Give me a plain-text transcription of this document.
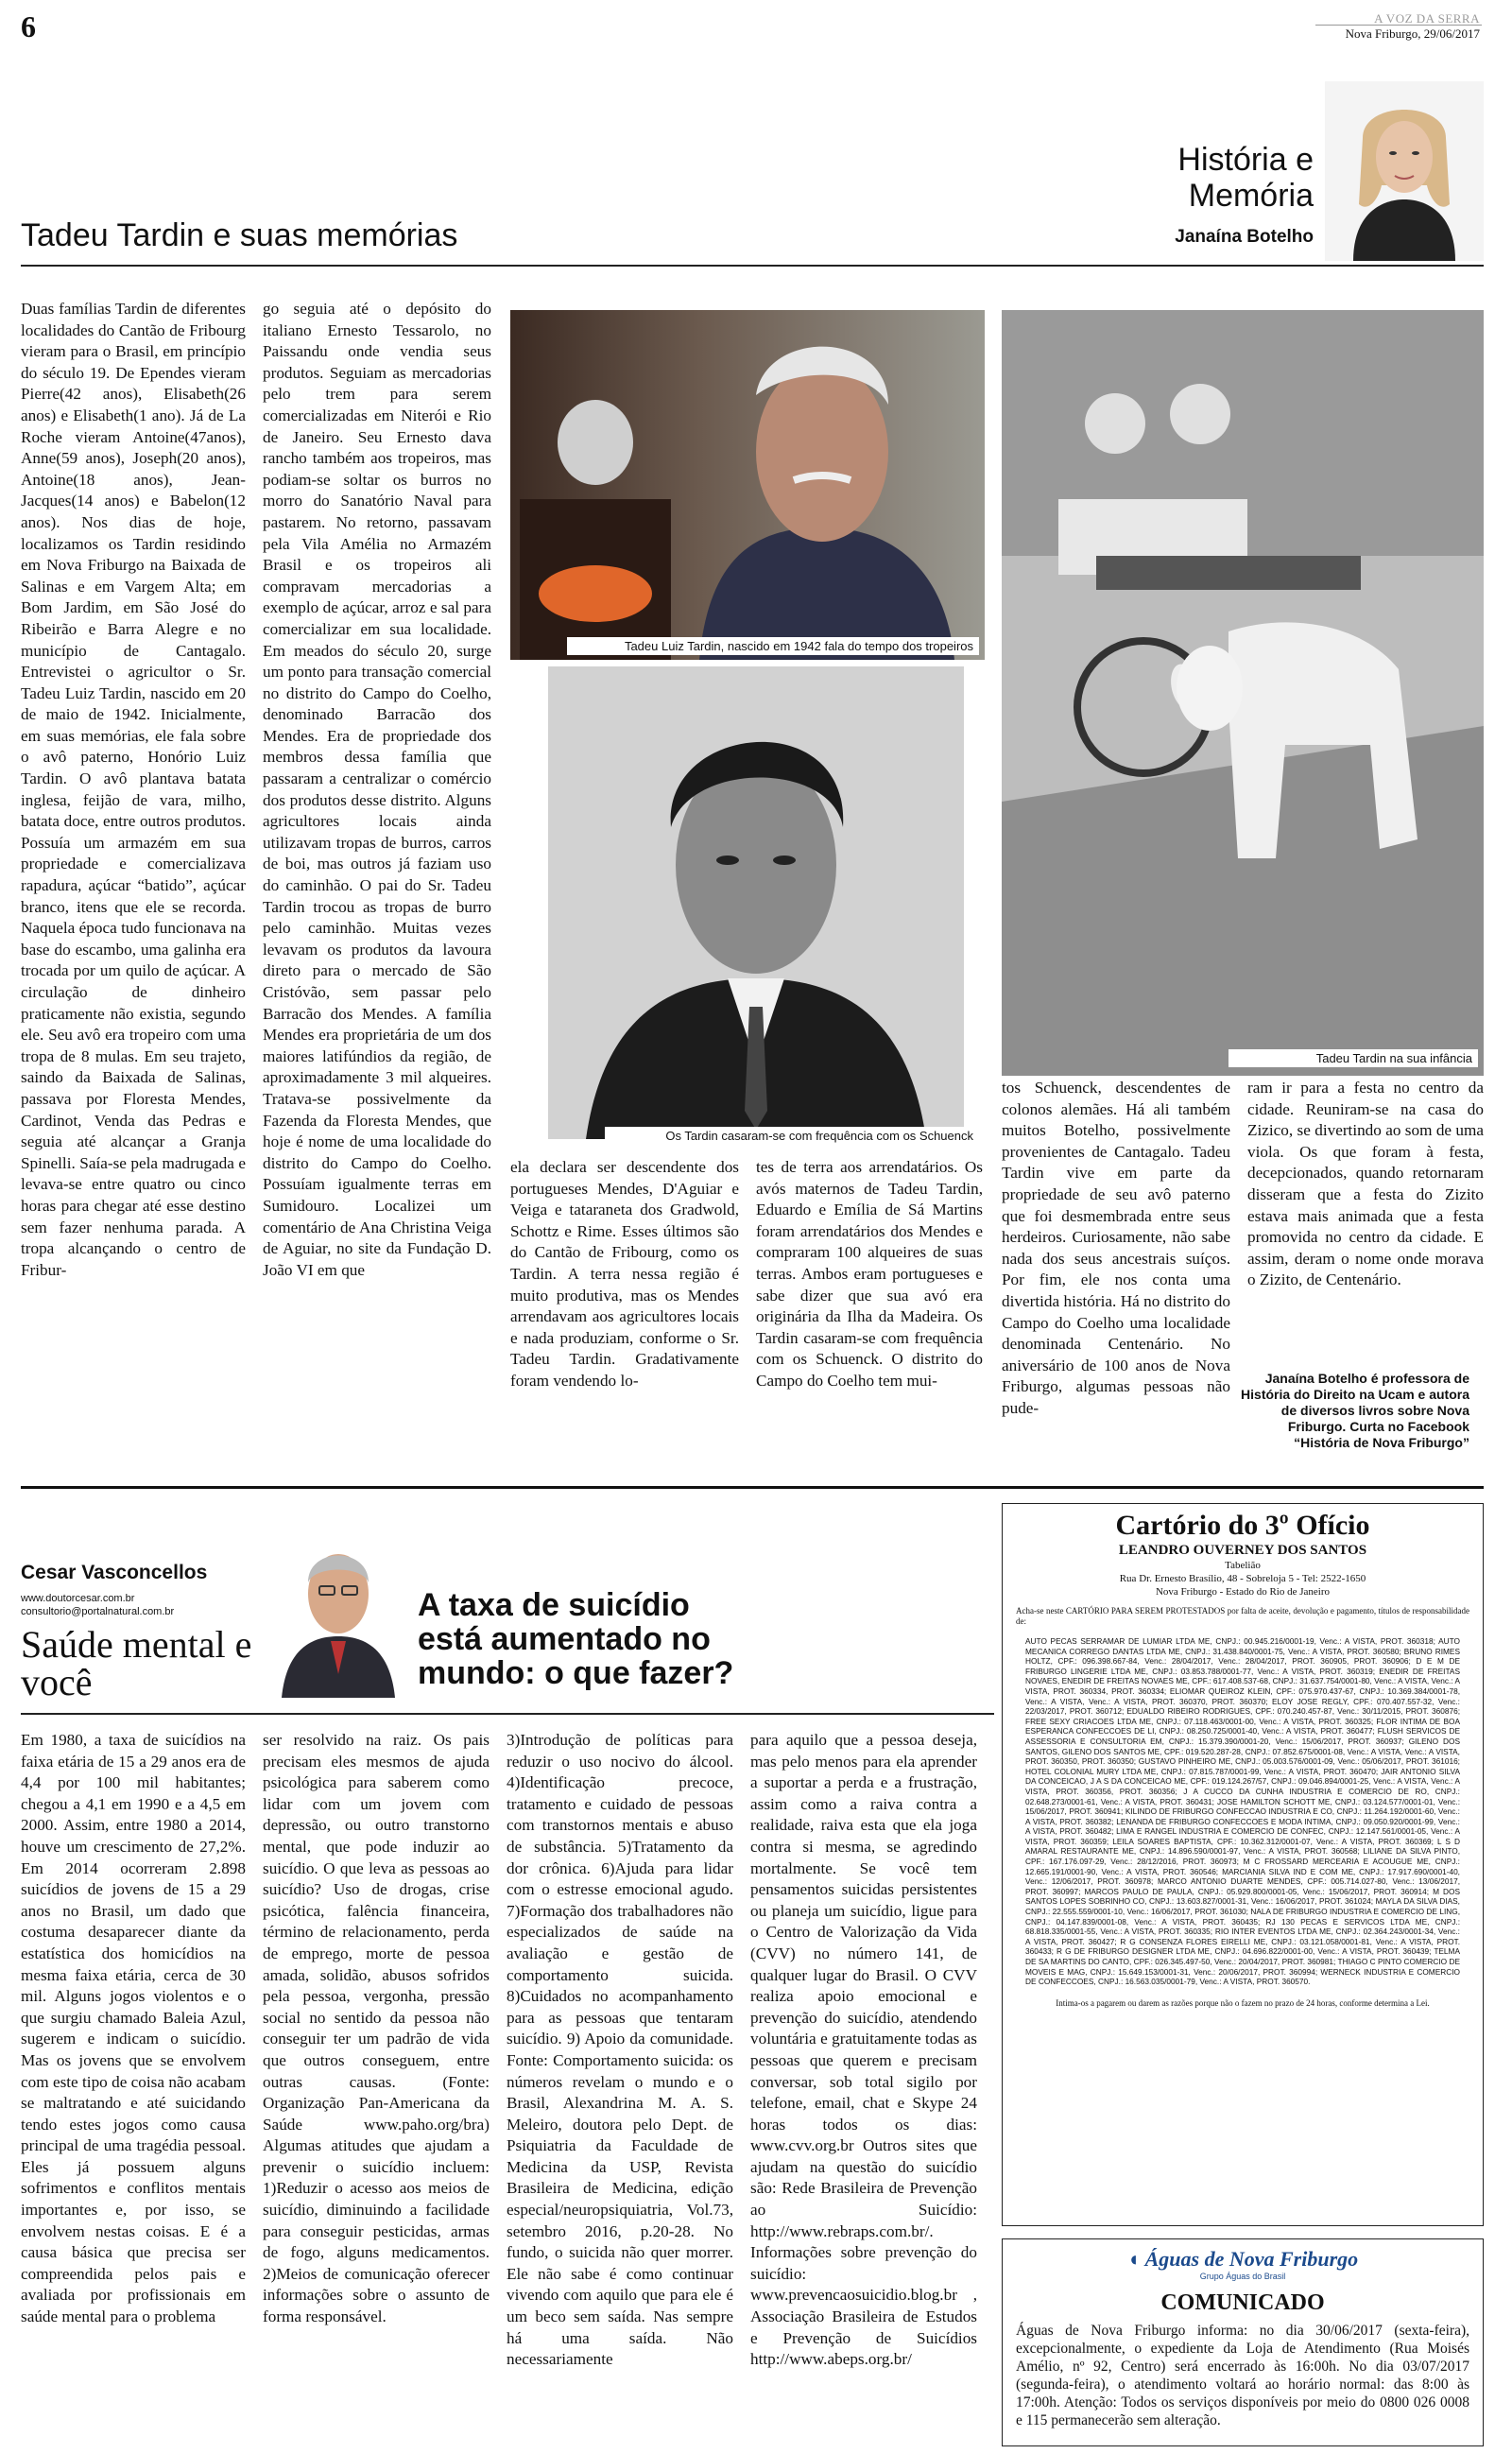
6	A VOZ DA SERRA
Nova Friburgo, 29/06/2017
História e Memória
Janaína Botelho
Tadeu Tardin e suas memórias
Duas famílias Tardin de diferentes localidades do Cantão de Fribourg vieram para o Brasil, em princípio do século 19. De Ependes vieram Pierre(42 anos), Elisabeth(26 anos) e Elisabeth(1 ano). Já de La Roche vieram Antoine(47anos), Anne(59 anos), Joseph(20 anos), Antoine(18 anos), Jean-Jacques(14 anos) e Babelon(12 anos). Nos dias de hoje, localizamos os Tardin residindo em Nova Friburgo na Baixada de Salinas e em Vargem Alta; em Bom Jardim, em São José do Ribeirão e Barra Alegre e no município de Cantagalo. Entrevistei o agricultor o Sr. Tadeu Luiz Tardin, nascido em 20 de maio de 1942. Inicialmente, em suas memórias, ele fala sobre o avô paterno, Honório Luiz Tardin. O avô plantava batata inglesa, feijão de vara, milho, batata doce, entre outros produtos. Possuía um armazém em sua propriedade e comercializava rapadura, açúcar “batido”, açúcar branco, itens que ele se recorda. Naquela época tudo funcionava na base do escambo, uma galinha era trocada por um quilo de açúcar. A circulação de dinheiro praticamente não existia, segundo ele. Seu avô era tropeiro com uma tropa de 8 mulas. Em seu trajeto, saindo da Baixada de Salinas, passava por Floresta Mendes, Cardinot, Venda das Pedras e seguia até alcançar a Granja Spinelli. Saía-se pela madrugada e levava-se entre quatro ou cinco horas para chegar até esse destino sem fazer nenhuma parada. A tropa alcançando o centro de Fribur-
go seguia até o depósito do italiano Ernesto Tessarolo, no Paissandu onde vendia seus produtos. Seguiam as mercadorias pelo trem para serem comercializadas em Niterói e Rio de Janeiro. Seu Ernesto dava rancho também aos tropeiros, mas podiam-se soltar os burros no morro do Sanatório Naval para pastarem. No retorno, passavam pela Vila Amélia no Armazém Brasil e os tropeiros ali compravam mercadorias a exemplo de açúcar, arroz e sal para comercializar em sua localidade. Em meados do século 20, surge um ponto para transação comercial no distrito do Campo do Coelho, denominado Barracão dos Mendes. Era de propriedade dos membros dessa família que passaram a centralizar o comércio dos produtos desse distrito. Alguns agricultores locais ainda utilizavam tropas de burros, carros de boi, mas outros já faziam uso do caminhão. O pai do Sr. Tadeu Tardin trocou as tropas de burro pelo caminhão. Muitas vezes levavam os produtos da lavoura direto para o mercado de São Cristóvão, sem passar pelo Barracão dos Mendes. A família Mendes era proprietária de um dos maiores latifúndios da região, de aproximadamente 3 mil alqueires. Tratava-se possivelmente da Fazenda da Floresta Mendes, que hoje é nome de uma localidade do distrito do Campo do Coelho. Possuíam igualmente terras em Sumidouro. Localizei um comentário de Ana Christina Veiga de Aguiar, no site da Fundação D. João VI em que
Tadeu Luiz Tardin, nascido em 1942 fala do tempo dos tropeiros
Os Tardin casaram-se com frequência com os Schuenck
Tadeu Tardin na sua infância
ela declara ser descendente dos portugueses Mendes, D'Aguiar e Veiga e tataraneta dos Gradwold, Schottz e Rime. Esses últimos são do Cantão de Fribourg, como os Tardin. A terra nessa região é muito produtiva, mas os Mendes arrendavam aos agricultores locais e nada produziam, conforme o Sr. Tadeu Tardin. Gradativamente foram vendendo lo-
tes de terra aos arrendatários. Os avós maternos de Tadeu Tardin, Eduardo e Emília de Sá Martins foram arrendatários dos Mendes e compraram 100 alqueires de suas terras. Ambos eram portugueses e sabe dizer que sua avó era originária da Ilha da Madeira. Os Tardin casaram-se com frequência com os Schuenck. O distrito do Campo do Coelho tem mui-
tos Schuenck, descendentes de colonos alemães. Há ali também muitos Botelho, possivelmente provenientes de Cantagalo. Tadeu Tardin vive em parte da propriedade de seu avô paterno que foi desmembrada entre seus herdeiros. Curiosamente, não sabe nada dos seus ancestrais suíços. Por fim, ele nos conta uma divertida história. Há no distrito do Campo do Coelho uma localidade denominada Centenário. No aniversário de 100 anos de Nova Friburgo, algumas pessoas não pude-
ram ir para a festa no centro da cidade. Reuniram-se na casa do Zizico, se divertindo ao som de uma viola. Os que foram à festa, decepcionados, quando retornaram disseram que a festa do Zizito estava mais animada que a festa promovida no centro da cidade. E assim, deram o nome onde morava o Zizito, de Centenário.
Janaína Botelho é professora de História do Direito na Ucam e autora de diversos livros sobre Nova Friburgo. Curta no Facebook “História de Nova Friburgo”
Cesar Vasconcellos
www.doutorcesar.com.br
consultorio@portalnatural.com.br
Saúde mental e você
A taxa de suicídio está aumentado no mundo: o que fazer?
Em 1980, a taxa de suicídios na faixa etária de 15 a 29 anos era de 4,4 por 100 mil habitantes; chegou a 4,1 em 1990 e a 4,5 em 2000. Assim, entre 1980 a 2014, houve um crescimento de 27,2%. Em 2014 ocorreram 2.898 suicídios de jovens de 15 a 29 anos no Brasil, um dado que costuma desaparecer diante da estatística dos homicídios na mesma faixa etária, cerca de 30 mil. Alguns jogos violentos e o que surgiu chamado Baleia Azul, sugerem e indicam o suicídio. Mas os jovens que se envolvem com este tipo de coisa não acabam se maltratando e até suicidando tendo estes jogos como causa principal de uma tragédia pessoal. Eles já possuem alguns sofrimentos e conflitos mentais importantes e, por isso, se envolvem nestas coisas. E é a causa básica que precisa ser compreendida pelos pais e avaliada por profissionais em saúde mental para o problema
ser resolvido na raiz. Os pais precisam eles mesmos de ajuda psicológica para saberem como lidar com um jovem com depressão, ou outro transtorno mental, que pode induzir ao suicídio. O que leva as pessoas ao suicídio? Uso de drogas, crise psicótica, falência financeira, término de relacionamento, perda de emprego, morte de pessoa amada, solidão, abusos sofridos pela pessoa, vergonha, pressão social no sentido da pessoa não conseguir ter um padrão de vida que outros conseguem, entre outras causas. (Fonte: Organização Pan-Americana da Saúde www.paho.org/bra) Algumas atitudes que ajudam a prevenir o suicídio incluem: 1)Reduzir o acesso aos meios de suicídio, diminuindo a facilidade para conseguir pesticidas, armas de fogo, alguns medicamentos. 2)Meios de comunicação oferecer informações sobre o assunto de forma responsável.
3)Introdução de políticas para reduzir o uso nocivo do álcool. 4)Identificação precoce, tratamento e cuidado de pessoas com transtornos mentais e abuso de substância. 5)Tratamento da dor crônica. 6)Ajuda para lidar com o estresse emocional agudo. 7)Formação dos trabalhadores não especializados de saúde na avaliação e gestão de comportamento suicida. 8)Cuidados no acompanhamento para as pessoas que tentaram suicídio. 9) Apoio da comunidade. Fonte: Comportamento suicida: os números revelam o mundo e o Brasil, Alexandrina M. A. S. Meleiro, doutora pelo Dept. de Psiquiatria da Faculdade de Medicina da USP, Revista Brasileira de Medicina, edição especial/neuropsiquiatria, Vol.73, setembro 2016, p.20-28. No fundo, o suicida não quer morrer. Ele não sabe é como continuar vivendo com aquilo que para ele é um beco sem saída. Nas sempre há uma saída. Não necessariamente
para aquilo que a pessoa deseja, mas pelo menos para ela aprender a suportar a perda e a frustração, assim como a raiva contra a realidade, raiva esta que ela joga contra si mesma, se agredindo mortalmente. Se você tem pensamentos suicidas persistentes ou planeja um suicídio, ligue para o Centro de Valorização da Vida (CVV) no número 141, de qualquer lugar do Brasil. O CVV realiza apoio emocional e prevenção do suicídio, atendendo voluntária e gratuitamente todas as pessoas que querem e precisam conversar, sob total sigilo por telefone, email, chat e Skype 24 horas todos os dias: www.cvv.org.br Outros sites que ajudam na questão do suicídio são: Rede Brasileira de Prevenção ao Suicídio: http://www.rebraps.com.br/. Informações sobre prevenção do suicídio: www.prevencaosuicidio.blog.br , Associação Brasileira de Estudos e Prevenção de Suicídios http://www.abeps.org.br/
Cartório do 3º Ofício
LEANDRO OUVERNEY DOS SANTOS
Tabelião
Rua Dr. Ernesto Brasílio, 48 - Sobreloja 5 - Tel: 2522-1650
Nova Friburgo - Estado do Rio de Janeiro
Acha-se neste CARTÓRIO PARA SEREM PROTESTADOS por falta de aceite, devolução e pagamento, títulos de responsabilidade de:
AUTO PECAS SERRAMAR DE LUMIAR LTDA ME, CNPJ.: 00.945.216/0001-19, Venc.: A VISTA, PROT. 360318; AUTO MECANICA CORREGO DANTAS LTDA ME, CNPJ.: 31.438.840/0001-75, Venc.: A VISTA, PROT. 360580; BRUNO RIMES HOLTZ, CPF.: 096.398.667-84, Venc.: 28/04/2017, Venc.: 28/04/2017, PROT. 360905, PROT. 360906; D E M DE FRIBURGO LINGERIE LTDA ME, CNPJ.: 03.853.788/0001-77, Venc.: A VISTA, PROT. 360319; ENEDIR DE FREITAS NOVAES, ENEDIR DE FREITAS NOVAES ME, CPF.: 617.408.537-68, CNPJ.: 31.637.754/0001-80, Venc.: A VISTA, Venc.: A VISTA, PROT. 360334, PROT. 360334; ELIOMAR QUEIROZ KLEIN, CPF.: 075.970.437-67, CNPJ.: 10.369.384/0001-78, Venc.: A VISTA, Venc.: A VISTA, PROT. 360370, PROT. 360370; ELOY JOSE REGLY, CPF.: 070.407.557-32, Venc.: 22/03/2017, PROT. 360712; EDUALDO RIBEIRO RODRIGUES, CPF.: 070.240.457-87, Venc.: 30/11/2015, PROT. 360876; FREE SEXY CRIACOES LTDA ME, CNPJ.: 07.118.463/0001-00, Venc.: A VISTA, PROT. 360325; FLOR INTIMA DE BOA ESPERANCA CONFECCOES DE LI, CNPJ.: 08.250.725/0001-40, Venc.: A VISTA, PROT. 360477; FLUSH SERVICOS DE ASSESSORIA E CONSULTORIA EM, CNPJ.: 15.379.390/0001-20, Venc.: 15/06/2017, PROT. 360937; GILENO DOS SANTOS, GILENO DOS SANTOS ME, CPF.: 019.520.287-28, CNPJ.: 07.852.675/0001-08, Venc.: A VISTA, Venc.: A VISTA, PROT. 360350, PROT. 360350; GUSTAVO PINHEIRO ME, CNPJ.: 05.003.576/0001-09, Venc.: 05/06/2017, PROT. 361016; HOTEL COLONIAL MURY LTDA ME, CNPJ.: 07.815.787/0001-99, Venc.: A VISTA, PROT. 360470; JAIR ANTONIO SILVA DA CONCEICAO, J A S DA CONCEICAO ME, CPF.: 019.124.267/57, CNPJ.: 09.046.894/0001-25, Venc.: A VISTA, Venc.: A VISTA, PROT. 360356, PROT. 360356; J A CUCCO DA CUNHA INDUSTRIA E COMERCIO DE RO, CNPJ.: 02.648.273/0001-61, Venc.: A VISTA, PROT. 360431; JOSE HAMILTON SCHOTT ME, CNPJ.: 03.124.577/0001-01, Venc.: 15/06/2017, PROT. 360941; KILINDO DE FRIBURGO CONFECCAO INDUSTRIA E CO, CNPJ.: 11.264.192/0001-60, Venc.: A VISTA, PROT. 360382; LENANDA DE FRIBURGO CONFECCOES E MODA INTIMA, CNPJ.: 09.050.920/0001-99, Venc.: A VISTA, PROT. 360482; LIMA E RANGEL INDUSTRIA E COMERCIO DE CONFEC, CNPJ.: 12.147.561/0001-05, Venc.: A VISTA, PROT. 360359; LEILA SOARES BAPTISTA, CPF.: 10.362.312/0001-07, Venc.: A VISTA, PROT. 360369; L S D AMARAL RESTAURANTE ME, CNPJ.: 14.896.590/0001-97, Venc.: A VISTA, PROT. 360568; LILIANE DA SILVA PINTO, CPF.: 167.176.097-29, Venc.: 28/12/2016, PROT. 360973; M C FROSSARD MERCEARIA E ACOUGUE ME, CNPJ.: 12.665.191/0001-90, Venc.: A VISTA, PROT. 360546; MARCIANIA SILVA IND E COM ME, CNPJ.: 17.917.690/0001-40, Venc.: 12/06/2017, PROT. 360978; MARCO ANTONIO DUARTE MENDES, CPF.: 005.714.027-80, Venc.: 13/06/2017, PROT. 360997; MARCOS PAULO DE PAULA, CNPJ.: 05.929.800/0001-05, Venc.: 15/06/2017, PROT. 360914; M DOS SANTOS LOPES SOBRINHO CO, CNPJ.: 13.603.827/0001-31, Venc.: 16/06/2017, PROT. 361024; MAYLA DA SILVA DIAS, CNPJ.: 22.555.559/0001-10, Venc.: 16/06/2017, PROT. 361030; NALA DE FRIBURGO INDUSTRIA E COMERCIO DE LING, CNPJ.: 04.147.839/0001-08, Venc.: A VISTA, PROT. 360435; RJ 130 PECAS E SERVICOS LTDA ME, CNPJ.: 68.818.335/0001-55, Venc.: A VISTA, PROT. 360335; RIO INTER EVENTOS LTDA ME, CNPJ.: 02.364.243/0001-34, Venc.: A VISTA, PROT. 360427; R G CONSENZA FLORES EIRELLI ME, CNPJ.: 03.121.058/0001-81, Venc.: A VISTA, PROT. 360433; R G DE FRIBURGO DESIGNER LTDA ME, CNPJ.: 04.696.822/0001-00, Venc.: A VISTA, PROT. 360439; TELMA DE SA MARTINS DO CANTO, CPF.: 026.345.497-50, Venc.: 20/04/2017, PROT. 360981; THIAGO C PINTO COMERCIO DE MOVEIS E MAG, CNPJ.: 15.649.153/0001-31, Venc.: 20/06/2017, PROT. 360994; WERNECK INDUSTRIA E COMERCIO DE CONFECCOES, CNPJ.: 16.563.035/0001-79, Venc.: A VISTA, PROT. 360570.
Intima-os a pagarem ou darem as razões porque não o fazem no prazo de 24 horas, conforme determina a Lei.
◖ Águas de Nova Friburgo
Grupo Águas do Brasil
COMUNICADO
Águas de Nova Friburgo informa: no dia 30/06/2017 (sexta-feira), excepcionalmente, o expediente da Loja de Atendimento (Rua Moisés Amélio, nº 92, Centro) será encerrado às 16:00h. No dia 03/07/2017 (segunda-feira), o atendimento voltará ao horário normal: das 8:00 às 17:00h. Atenção: Todos os serviços disponíveis por meio do 0800 026 0008 e 115 permanecerão sem alteração.
